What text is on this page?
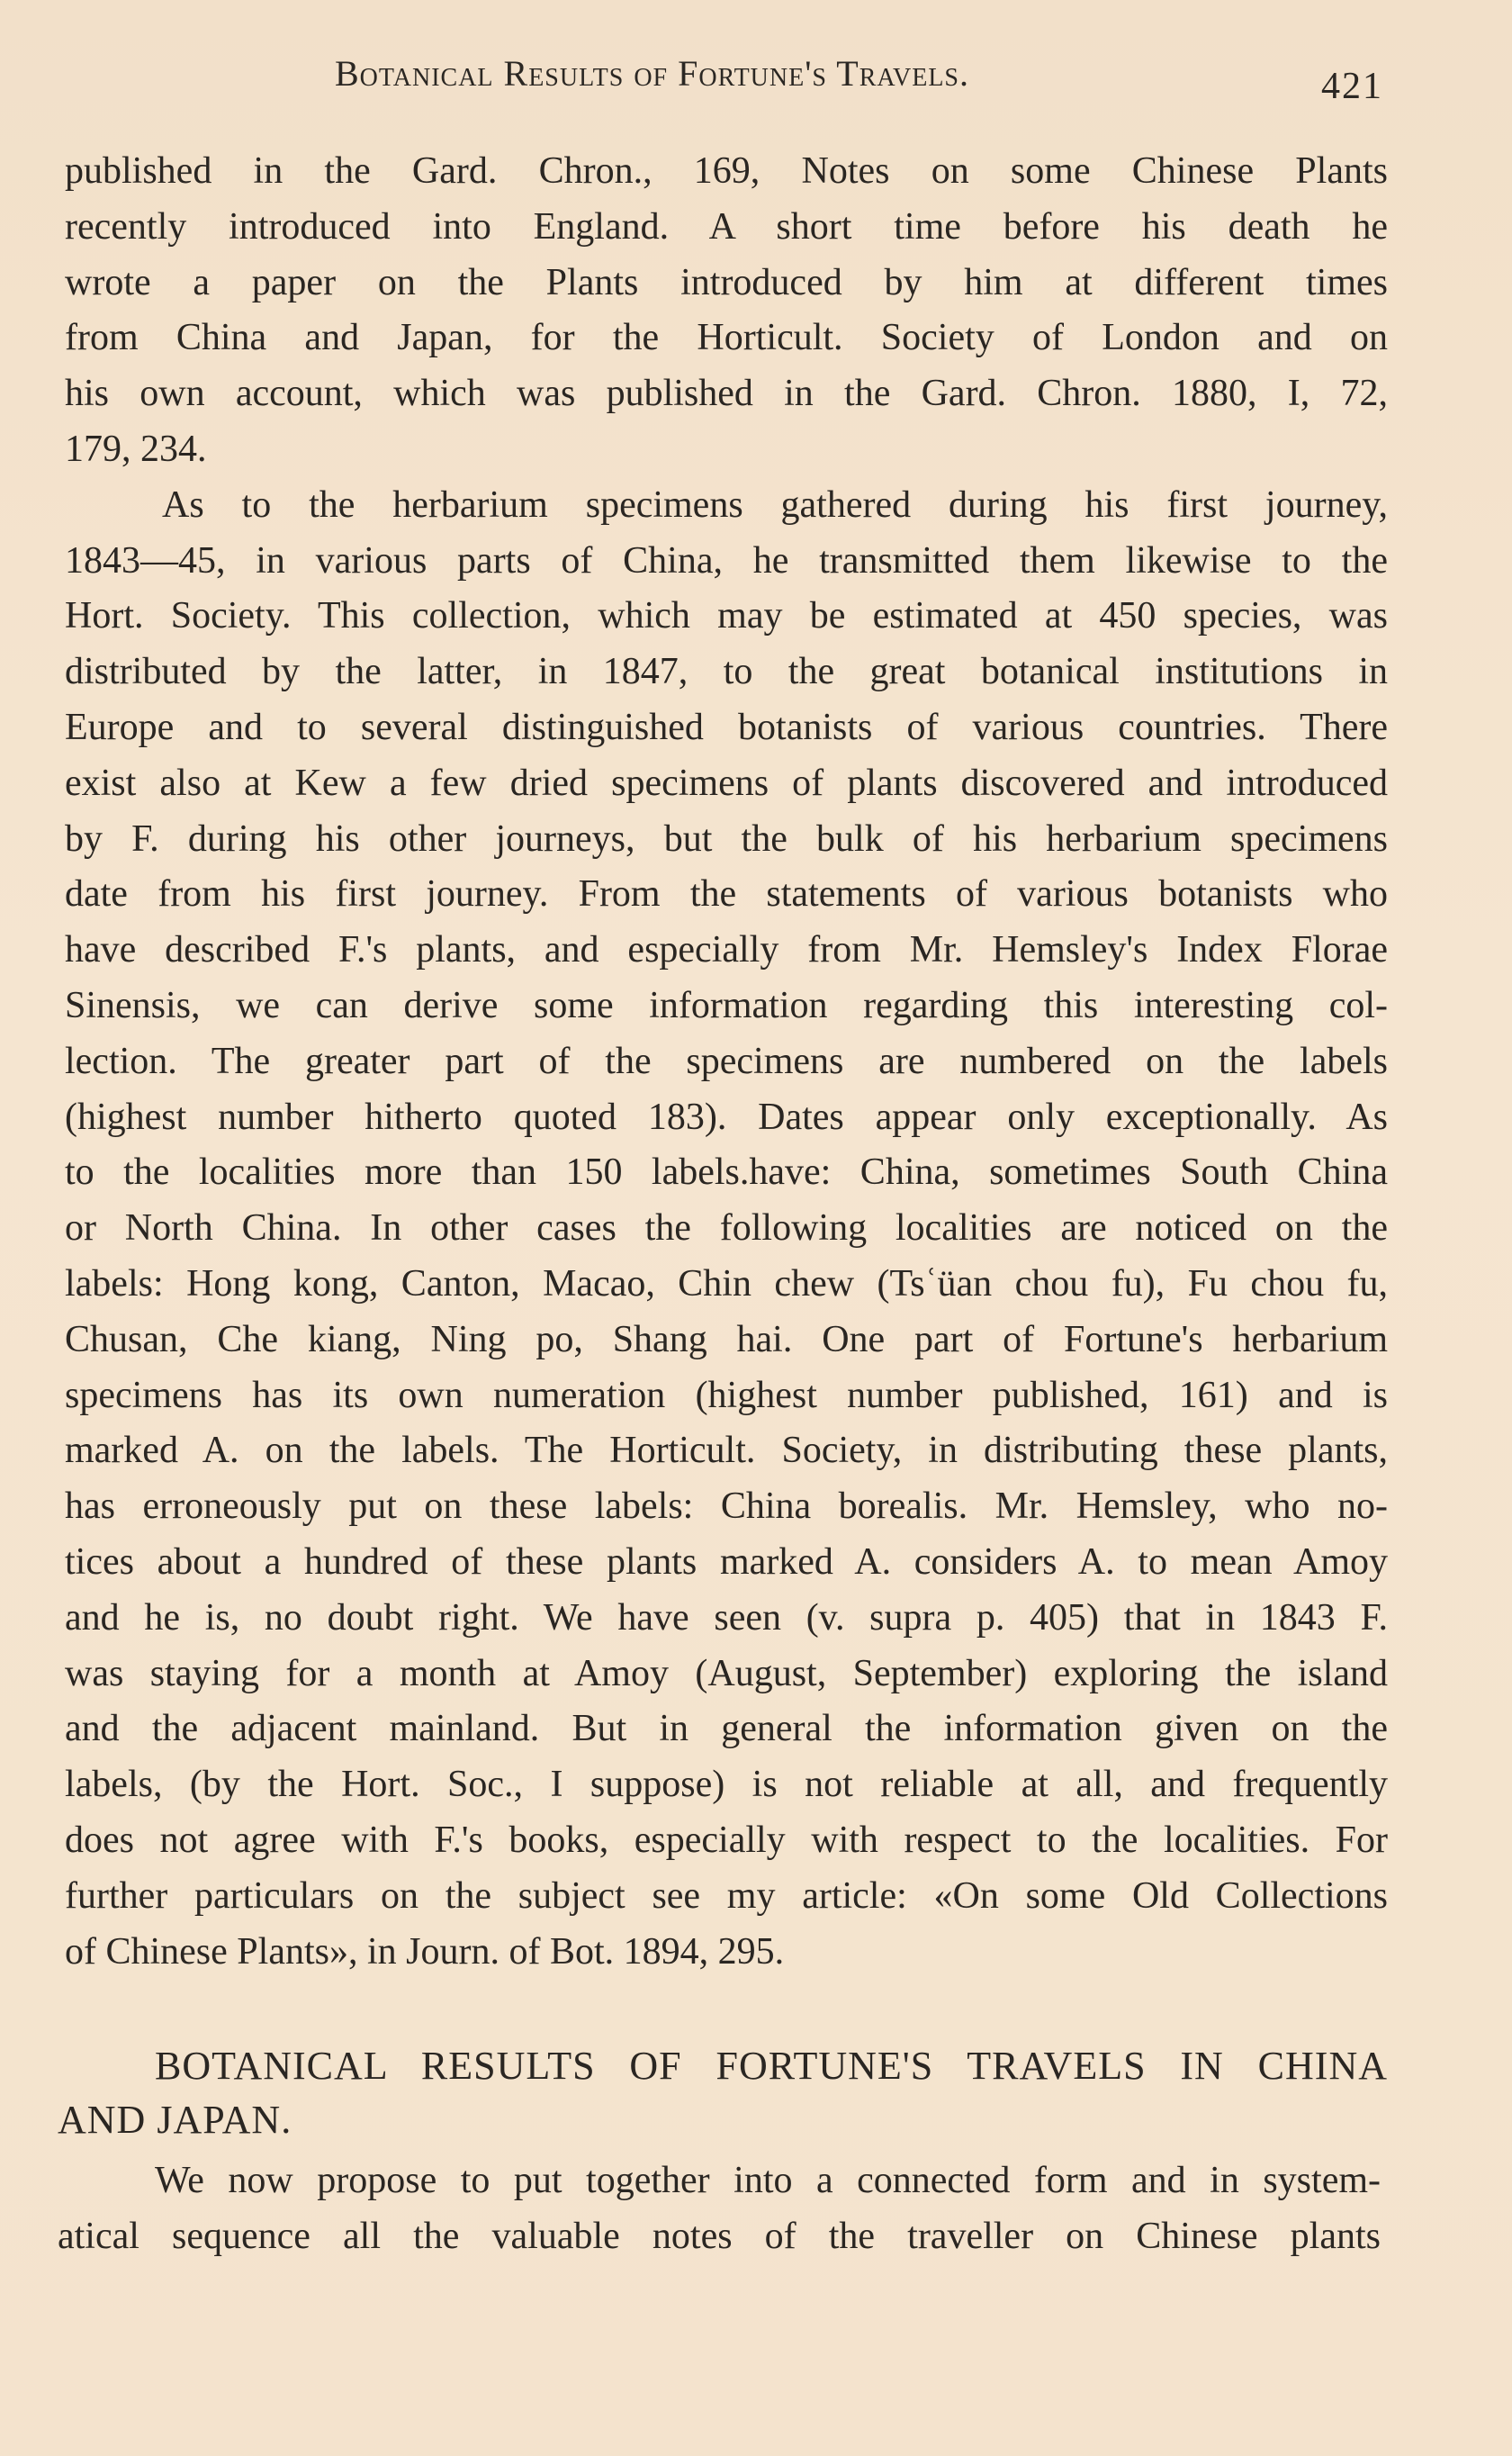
Botanical Results of Fortune's Travels.	421
published in the Gard. Chron., 169, Notes on some Chinese Plants
recently introduced into England. A short time before his death he
wrote a paper on the Plants introduced by him at different times
from China and Japan, for the Horticult. Society of London and on
his own account, which was published in the Gard. Chron. 1880, I, 72,
179, 234.
As to the herbarium specimens gathered during his first journey,
1843—45, in various parts of China, he transmitted them likewise to the
Hort. Society. This collection, which may be estimated at 450 species, was
distributed by the latter, in 1847, to the great botanical institutions in
Europe and to several distinguished botanists of various countries. There
exist also at Kew a few dried specimens of plants discovered and introduced
by F. during his other journeys, but the bulk of his herbarium specimens
date from his first journey. From the statements of various botanists who
have described F.'s plants, and especially from Mr. Hemsley's Index Florae
Sinensis, we can derive some information regarding this interesting col-
lection. The greater part of the specimens are numbered on the labels
(highest number hitherto quoted 183). Dates appear only exceptionally. As
to the localities more than 150 labels.have: China, sometimes South China
or North China. In other cases the following localities are noticed on the
labels: Hong kong, Canton, Macao, Chin chew (Tsʿüan chou fu), Fu chou fu,
Chusan, Che kiang, Ning po, Shang hai. One part of Fortune's herbarium
specimens has its own numeration (highest number published, 161) and is
marked A. on the labels. The Horticult. Society, in distributing these plants,
has erroneously put on these labels: China borealis. Mr. Hemsley, who no-
tices about a hundred of these plants marked A. considers A. to mean Amoy
and he is, no doubt right. We have seen (v. supra p. 405) that in 1843 F.
was staying for a month at Amoy (August, September) exploring the island
and the adjacent mainland. But in general the information given on the
labels, (by the Hort. Soc., I suppose) is not reliable at all, and frequently
does not agree with F.'s books, especially with respect to the localities. For
further particulars on the subject see my article: «On some Old Collections
of Chinese Plants», in Journ. of Bot. 1894, 295.
BOTANICAL RESULTS OF FORTUNE'S TRAVELS IN CHINA
AND JAPAN.
We now propose to put together into a connected form and in system-
atical sequence all the valuable notes of the traveller on Chinese plants
